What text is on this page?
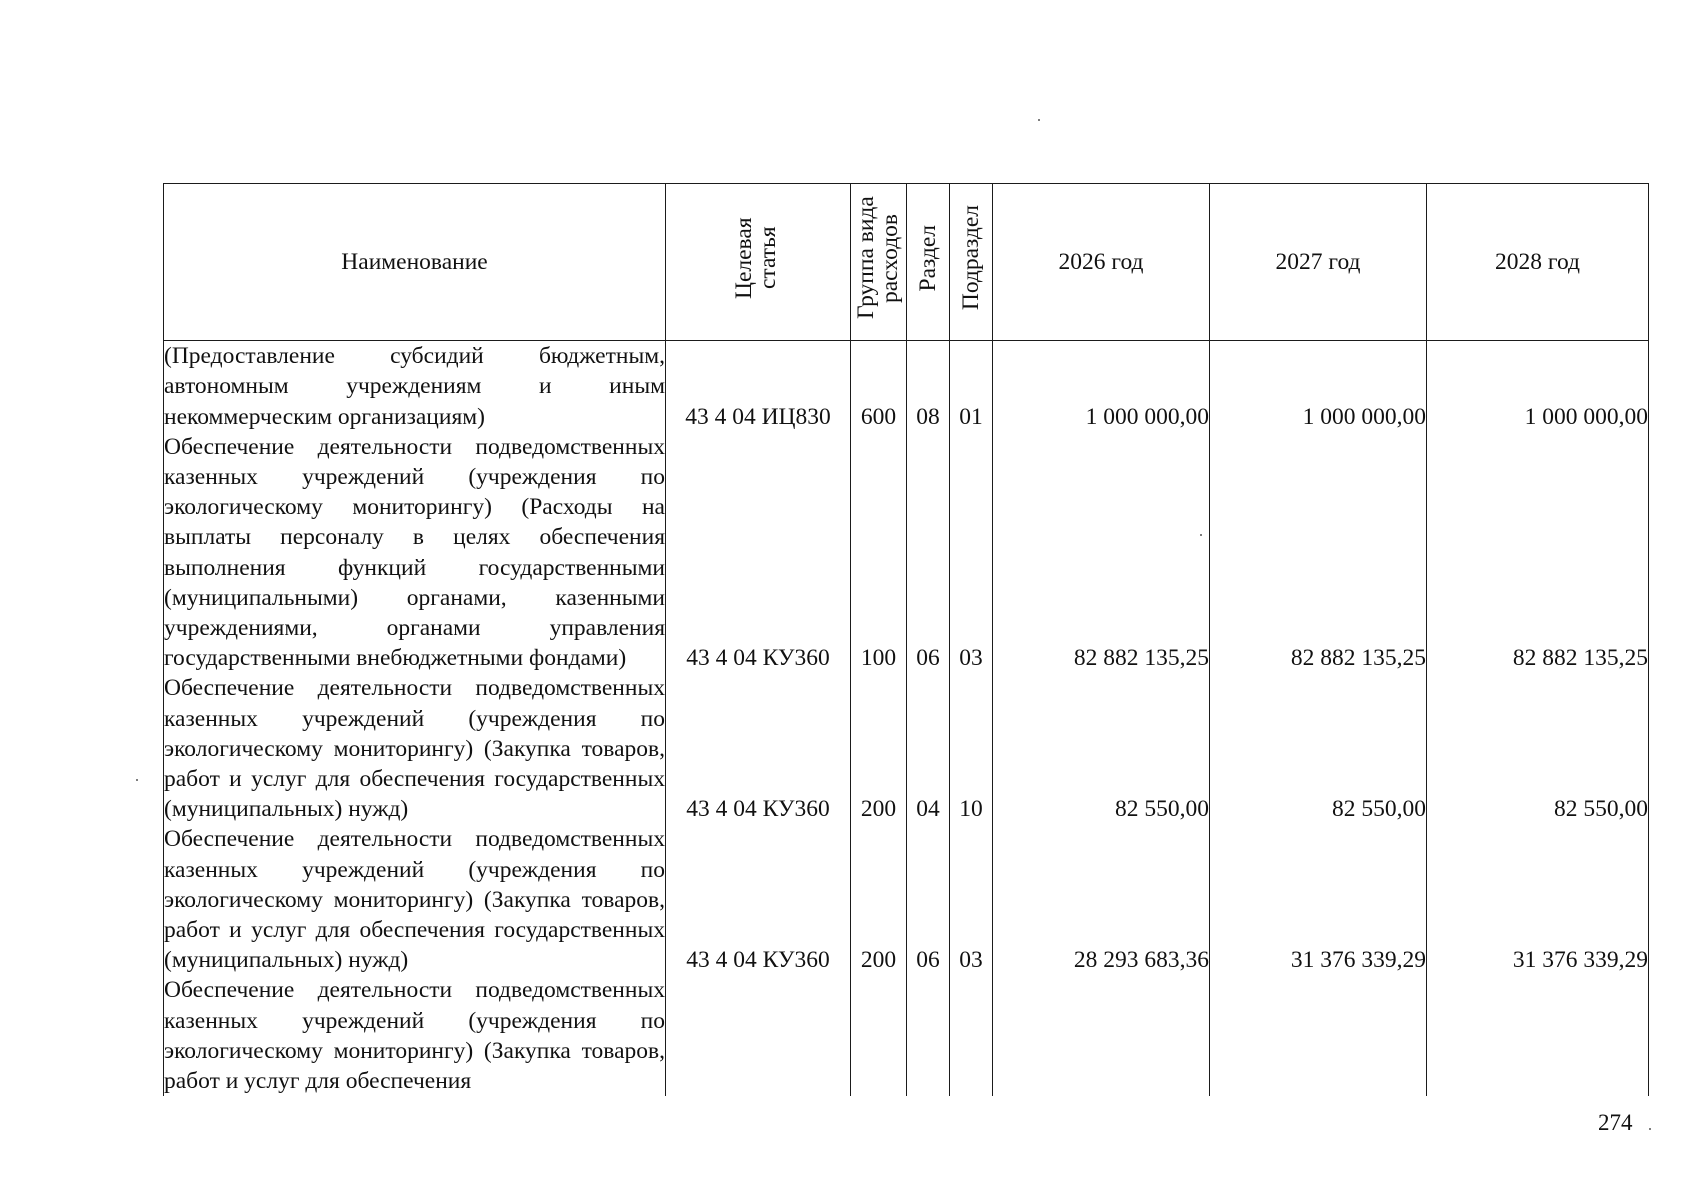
Наименование	Целевая статья	Группа вида расходов	Раздел	Подраздел	2026 год	2027 год	2028 год
(Предоставление субсидий бюджетным, автономным учреждениям и иным некоммерческим организациям)	43 4 04 ИЦ830	600	08	01	1 000 000,00	1 000 000,00	1 000 000,00
Обеспечение деятельности подведомственных казенных учреждений (учреждения по экологическому мониторингу) (Расходы на выплаты персоналу в целях обеспечения выполнения функций государственными (муниципальными) органами, казенными учреждениями, органами управления государственными внебюджетными фондами)	43 4 04 КУ360	100	06	03	82 882 135,25	82 882 135,25	82 882 135,25
Обеспечение деятельности подведомственных казенных учреждений (учреждения по экологическому мониторингу) (Закупка товаров, работ и услуг для обеспечения государственных (муниципальных) нужд)	43 4 04 КУ360	200	04	10	82 550,00	82 550,00	82 550,00
Обеспечение деятельности подведомственных казенных учреждений (учреждения по экологическому мониторингу) (Закупка товаров, работ и услуг для обеспечения государственных (муниципальных) нужд)	43 4 04 КУ360	200	06	03	28 293 683,36	31 376 339,29	31 376 339,29
Обеспечение деятельности подведомственных казенных учреждений (учреждения по экологическому мониторингу) (Закупка товаров, работ и услуг для обеспечения							
274
